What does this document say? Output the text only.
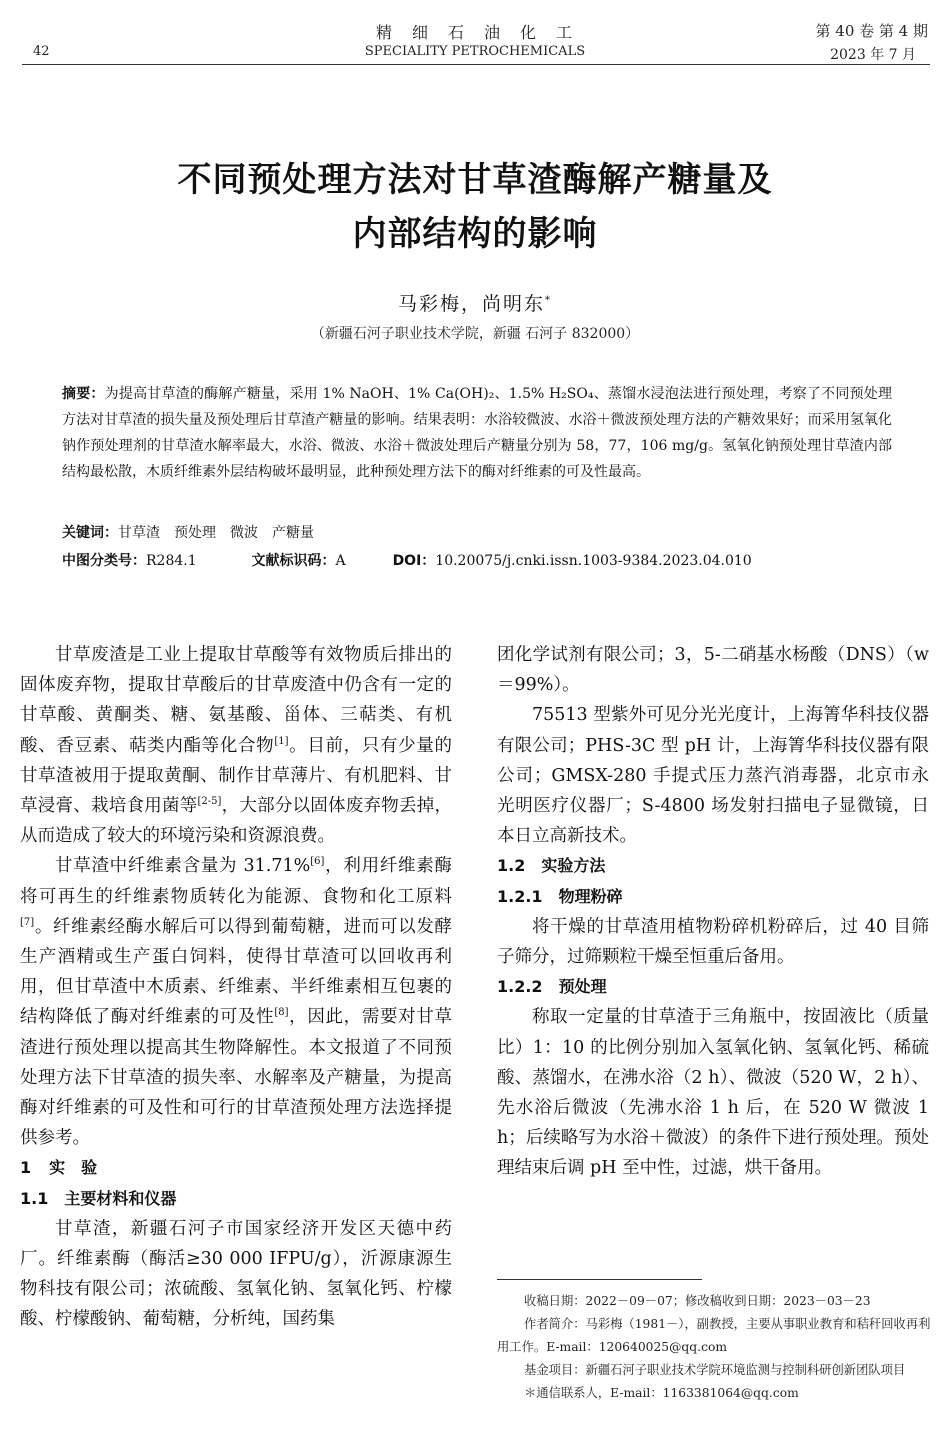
42
精　细　石　油　化　工
SPECIALITY PETROCHEMICALS
第 40 卷 第 4 期
2023 年 7 月
不同预处理方法对甘草渣酶解产糖量及
内部结构的影响
马彩梅，尚明东*
（新疆石河子职业技术学院，新疆 石河子 832000）
摘要：为提高甘草渣的酶解产糖量，采用 1% NaOH、1% Ca(OH)₂、1.5% H₂SO₄、蒸馏水浸泡法进行预处理，考察了不同预处理方法对甘草渣的损失量及预处理后甘草渣产糖量的影响。结果表明：水浴较微波、水浴＋微波预处理方法的产糖效果好；而采用氢氧化钠作预处理剂的甘草渣水解率最大，水浴、微波、水浴＋微波处理后产糖量分别为 58，77，106 mg/g。氢氧化钠预处理甘草渣内部结构最松散，木质纤维素外层结构破坏最明显，此种预处理方法下的酶对纤维素的可及性最高。
关键词：甘草渣　预处理　微波　产糖量
中图分类号：R284.1	文献标识码：A	DOI：10.20075/j.cnki.issn.1003-9384.2023.04.010

甘草废渣是工业上提取甘草酸等有效物质后排出的固体废弃物，提取甘草酸后的甘草废渣中仍含有一定的甘草酸、黄酮类、糖、氨基酸、甾体、三萜类、有机酸、香豆素、萜类内酯等化合物[1]。目前，只有少量的甘草渣被用于提取黄酮、制作甘草薄片、有机肥料、甘草浸膏、栽培食用菌等[2-5]，大部分以固体废弃物丢掉，从而造成了较大的环境污染和资源浪费。

甘草渣中纤维素含量为 31.71%[6]，利用纤维素酶将可再生的纤维素物质转化为能源、食物和化工原料[7]。纤维素经酶水解后可以得到葡萄糖，进而可以发酵生产酒精或生产蛋白饲料，使得甘草渣可以回收再利用，但甘草渣中木质素、纤维素、半纤维素相互包裹的结构降低了酶对纤维素的可及性[8]，因此，需要对甘草渣进行预处理以提高其生物降解性。本文报道了不同预处理方法下甘草渣的损失率、水解率及产糖量，为提高酶对纤维素的可及性和可行的甘草渣预处理方法选择提供参考。

1 实　验
1.1 主要材料和仪器

甘草渣，新疆石河子市国家经济开发区天德中药厂。纤维素酶（酶活≥30 000 IFPU/g），沂源康源生物科技有限公司；浓硫酸、氢氧化钠、氢氧化钙、柠檬酸、柠檬酸钠、葡萄糖，分析纯，国药集

团化学试剂有限公司；3，5-二硝基水杨酸（DNS）（w＝99%）。

75513 型紫外可见分光光度计，上海箐华科技仪器有限公司；PHS-3C 型 pH 计，上海箐华科技仪器有限公司；GMSX-280 手提式压力蒸汽消毒器，北京市永光明医疗仪器厂；S-4800 场发射扫描电子显微镜，日本日立高新技术。

1.2 实验方法
1.2.1 物理粉碎

将干燥的甘草渣用植物粉碎机粉碎后，过 40 目筛子筛分，过筛颗粒干燥至恒重后备用。

1.2.2 预处理

称取一定量的甘草渣于三角瓶中，按固液比（质量比）1：10 的比例分别加入氢氧化钠、氢氧化钙、稀硫酸、蒸馏水，在沸水浴（2 h）、微波（520 W，2 h）、先水浴后微波（先沸水浴 1 h 后，在 520 W 微波 1 h；后续略写为水浴＋微波）的条件下进行预处理。预处理结束后调 pH 至中性，过滤，烘干备用。

收稿日期：2022－09－07；修改稿收到日期：2023－03－23

作者简介：马彩梅（1981－），副教授，主要从事职业教育和秸秆回收再利用工作。E-mail：120640025@qq.com

基金项目：新疆石河子职业技术学院环境监测与控制科研创新团队项目

＊通信联系人，E-mail：1163381064@qq.com
